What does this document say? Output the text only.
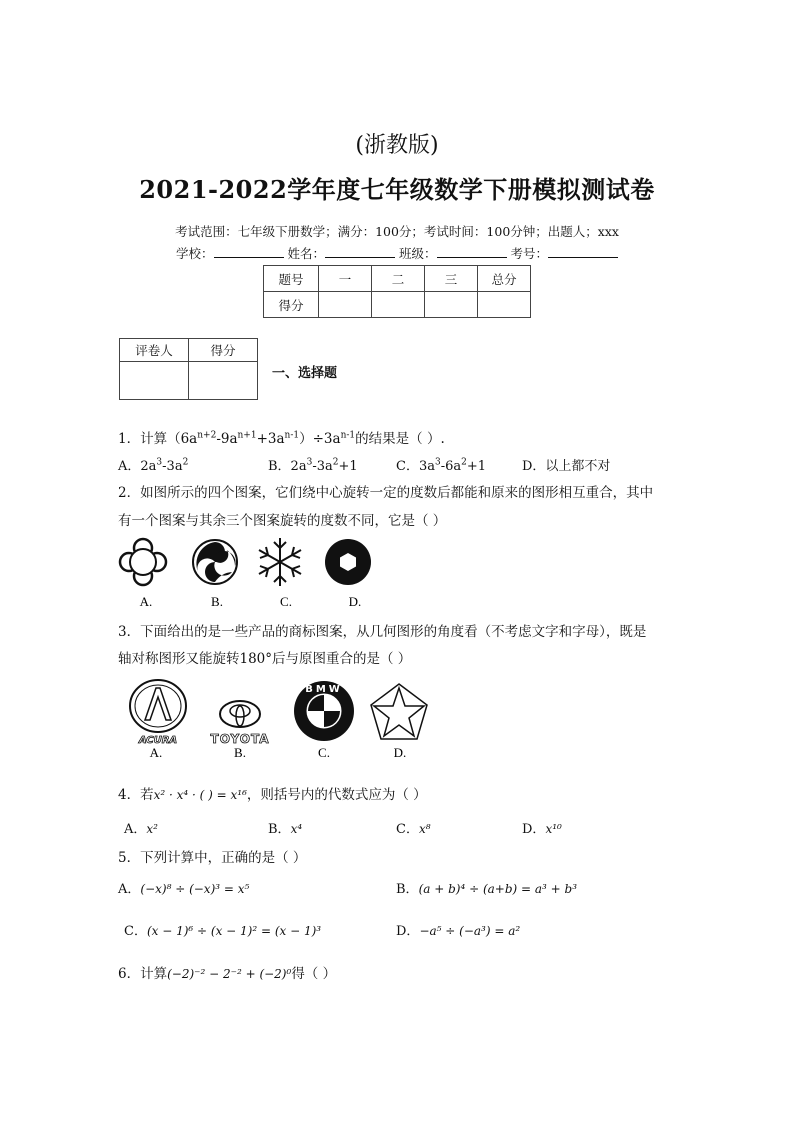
(浙教版)
2021-2022学年度七年级数学下册模拟测试卷
考试范围：七年级下册数学；满分：100分；考试时间：100分钟；出题人；xxx
学校：	姓名：	班级：	考号：
题号	一	二	三	总分
得分				
评卷人	得分

一、选择题
1．计算$(6a^{n+2}-9a^{n+1}+3a^{n-1})\div 3a^{n-1}$的结果是（ ）.
A．$2a^3-3a^2$	B．$2a^3-3a^2+1$	C．$3a^3-6a^2+1$	D．以上都不对
2．如图所示的四个图案，它们绕中心旋转一定的度数后都能和原来的图形相互重合，其中
有一个图案与其余三个图案旋转的度数不同，它是（ ）
A.	B.	C.	D.
3．下面给出的是一些产品的商标图案，从几何图形的角度看（不考虑文字和字母），既是
轴对称图形又能旋转180°后与原图重合的是（ ）
ACURA	TOYOTA
BMW
A.	B.	C.	D.
4．若x² · x⁴ · ( ) = x¹⁶，则括号内的代数式应为（ ）
A．x²	B．x⁴	C．x⁸	D．x¹⁰
5．下列计算中，正确的是（ ）
A．(−x)⁸ ÷ (−x)³ = x⁵	B．(a + b)⁴ ÷ (a+b) = a³ + b³
C．(x − 1)⁶ ÷ (x − 1)² = (x − 1)³	D．−a⁵ ÷ (−a³) = a²
6．计算(−2)⁻² − 2⁻² + (−2)⁰得（ ）
